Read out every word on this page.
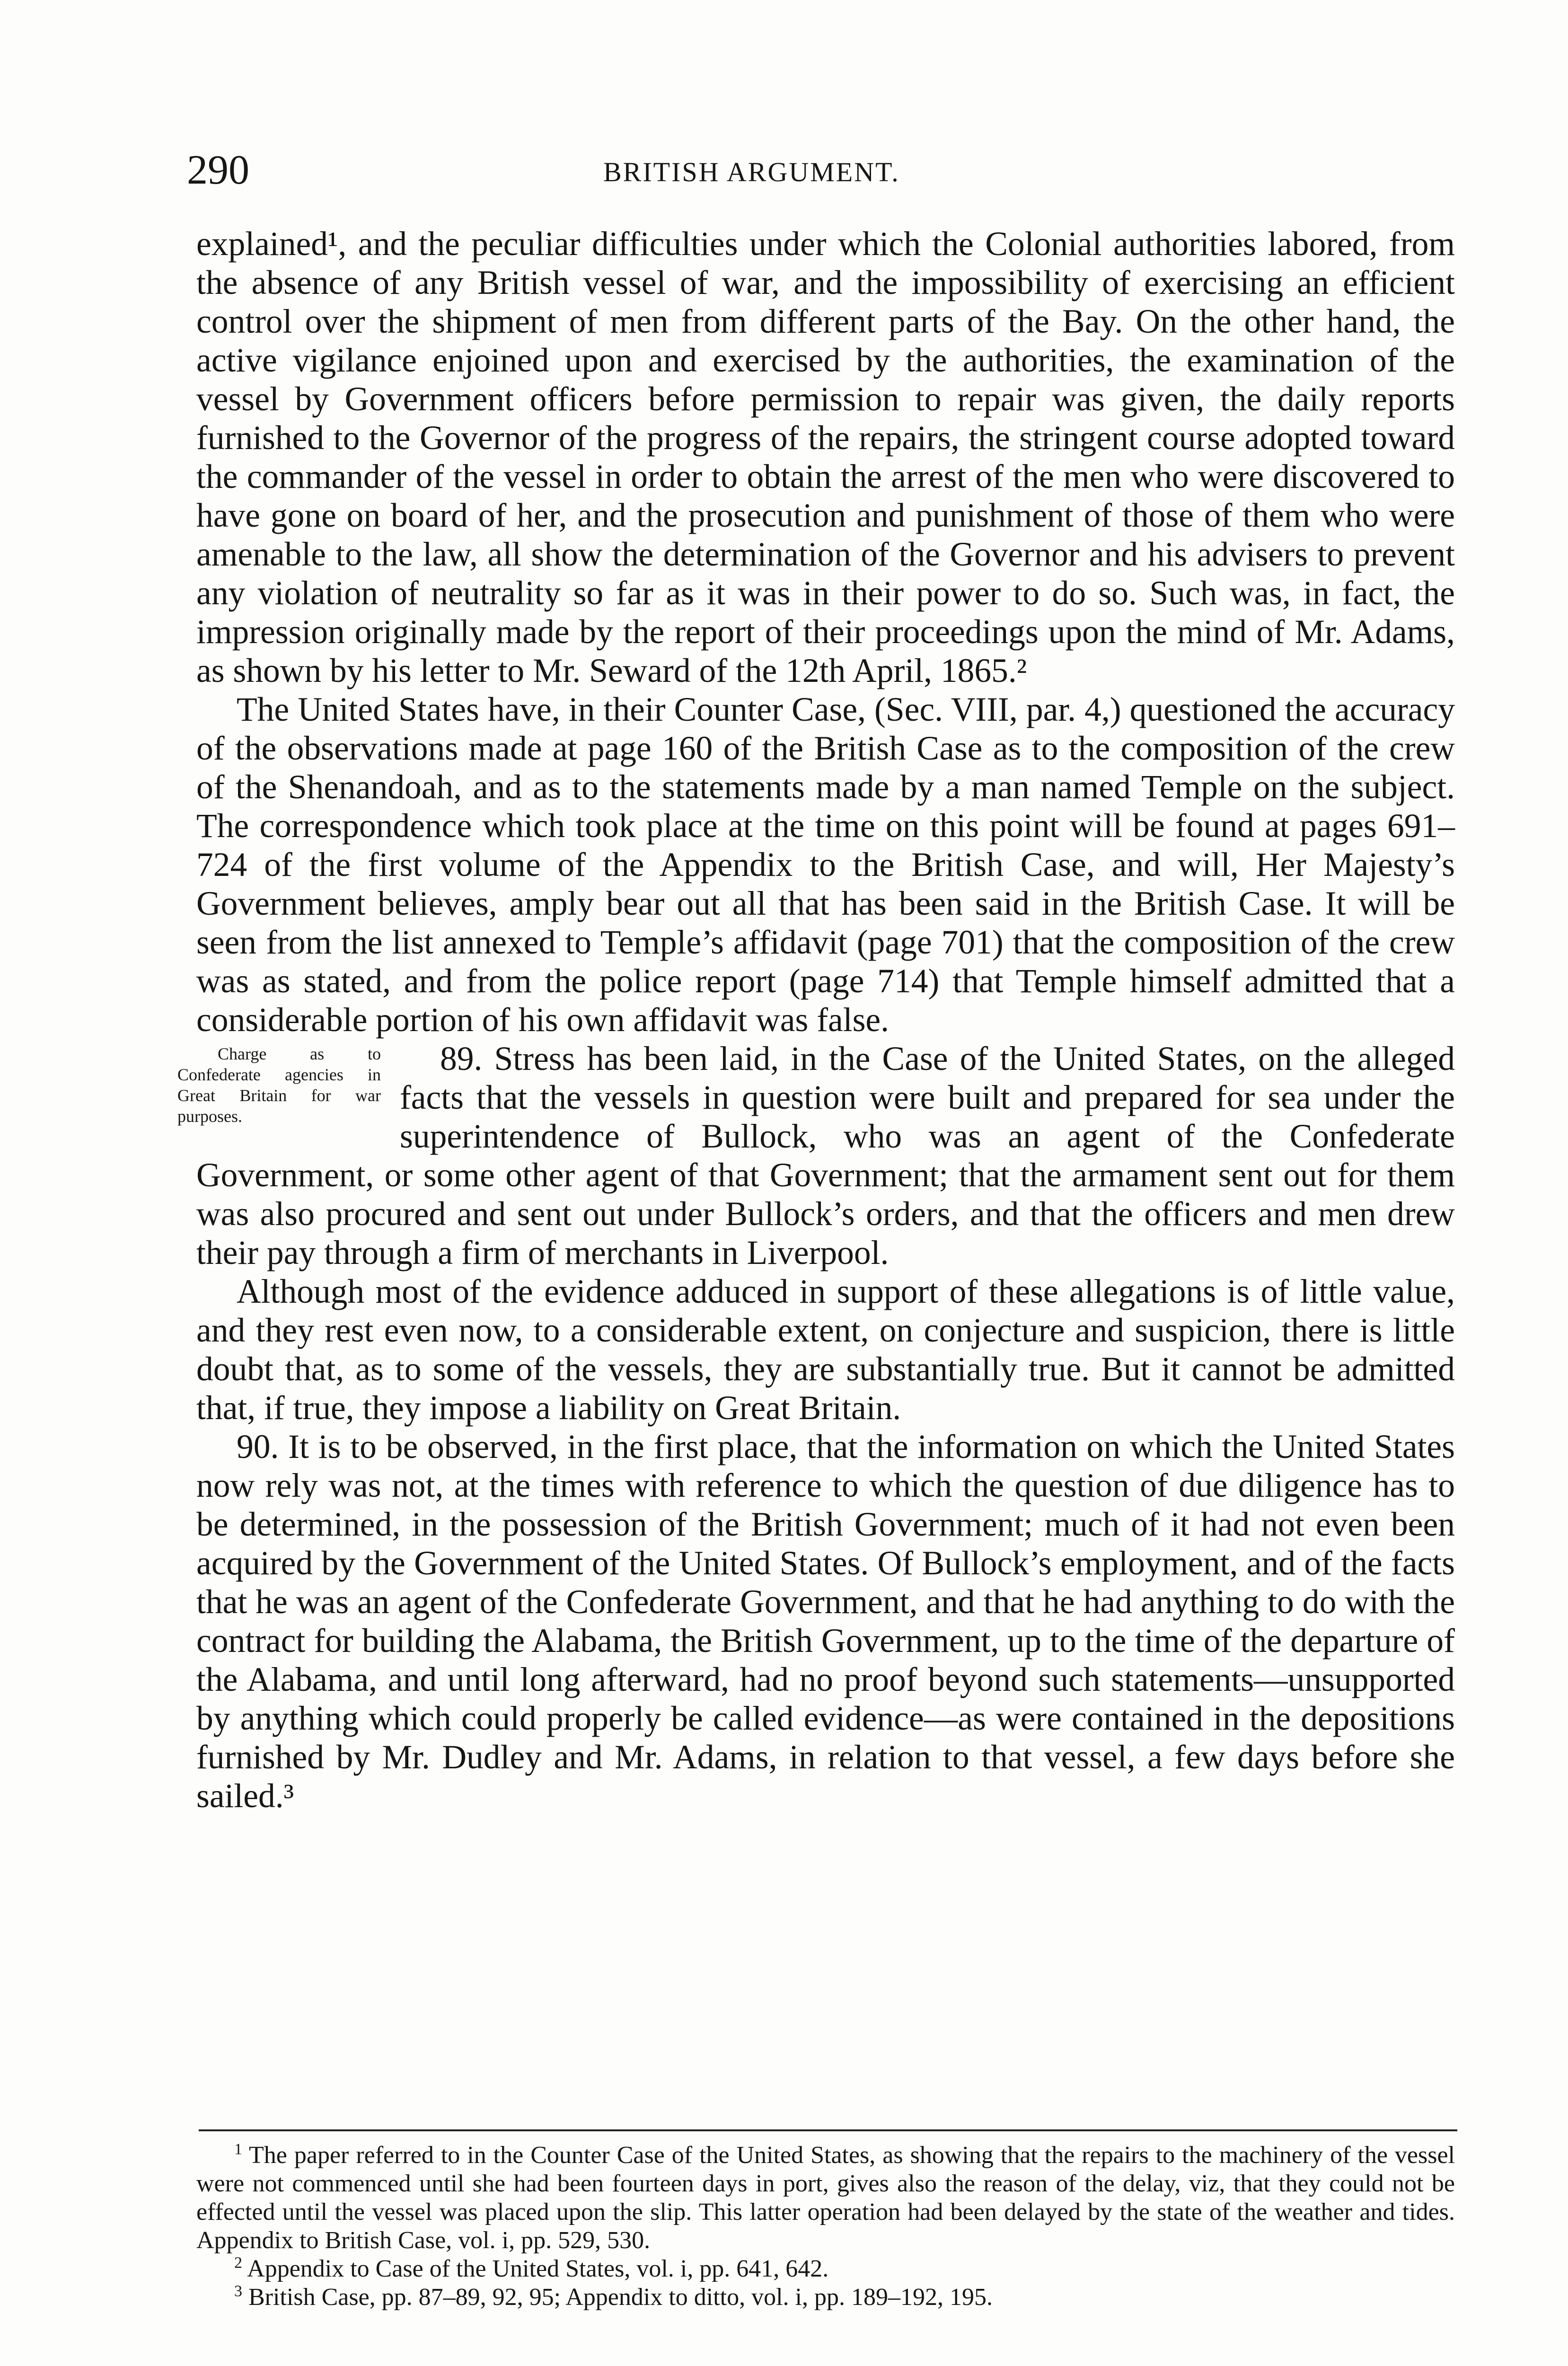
290	BRITISH ARGUMENT.

explained¹, and the peculiar difficulties under which the Colonial authorities labored, from the absence of any British vessel of war, and the impossibility of exercising an efficient control over the shipment of men from different parts of the Bay. On the other hand, the active vigilance enjoined upon and exercised by the authorities, the examination of the vessel by Government officers before permission to repair was given, the daily reports furnished to the Governor of the progress of the repairs, the stringent course adopted toward the commander of the vessel in order to obtain the arrest of the men who were discovered to have gone on board of her, and the prosecution and punishment of those of them who were amenable to the law, all show the determination of the Governor and his advisers to prevent any violation of neutrality so far as it was in their power to do so. Such was, in fact, the impression originally made by the report of their proceedings upon the mind of Mr. Adams, as shown by his letter to Mr. Seward of the 12th April, 1865.²

The United States have, in their Counter Case, (Sec. VIII, par. 4,) questioned the accuracy of the observations made at page 160 of the British Case as to the composition of the crew of the Shenandoah, and as to the statements made by a man named Temple on the subject. The correspondence which took place at the time on this point will be found at pages 691–724 of the first volume of the Appendix to the British Case, and will, Her Majesty’s Government believes, amply bear out all that has been said in the British Case. It will be seen from the list annexed to Temple’s affidavit (page 701) that the composition of the crew was as stated, and from the police report (page 714) that Temple himself admitted that a considerable portion of his own affidavit was false.

Charge as to Confederate agencies in Great Britain for war purposes.
89. Stress has been laid, in the Case of the United States, on the alleged facts that the vessels in question were built and prepared for sea under the superintendence of Bullock, who was an agent of the Confederate Government, or some other agent of that Government; that the armament sent out for them was also procured and sent out under Bullock’s orders, and that the officers and men drew their pay through a firm of merchants in Liverpool.

Although most of the evidence adduced in support of these allegations is of little value, and they rest even now, to a considerable extent, on conjecture and suspicion, there is little doubt that, as to some of the vessels, they are substantially true. But it cannot be admitted that, if true, they impose a liability on Great Britain.

90. It is to be observed, in the first place, that the information on which the United States now rely was not, at the times with reference to which the question of due diligence has to be determined, in the possession of the British Government; much of it had not even been acquired by the Government of the United States. Of Bullock’s employment, and of the facts that he was an agent of the Confederate Government, and that he had anything to do with the contract for building the Alabama, the British Government, up to the time of the departure of the Alabama, and until long afterward, had no proof beyond such statements—unsupported by anything which could properly be called evidence—as were contained in the depositions furnished by Mr. Dudley and Mr. Adams, in relation to that vessel, a few days before she sailed.³

$^1$ The paper referred to in the Counter Case of the United States, as showing that the repairs to the machinery of the vessel were not commenced until she had been fourteen days in port, gives also the reason of the delay, viz, that they could not be effected until the vessel was placed upon the slip. This latter operation had been delayed by the state of the weather and tides. Appendix to British Case, vol. i, pp. 529, 530.

$^2$ Appendix to Case of the United States, vol. i, pp. 641, 642.

$^3$ British Case, pp. 87–89, 92, 95; Appendix to ditto, vol. i, pp. 189–192, 195.
